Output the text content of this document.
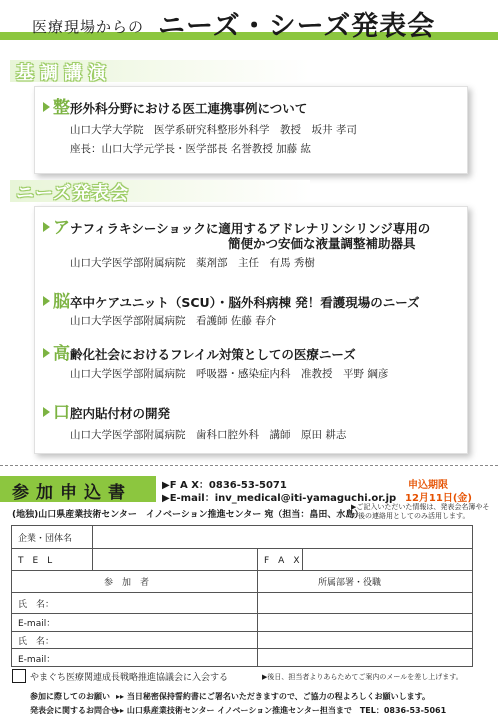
医療現場からの ニーズ・シーズ発表会
基調講演
整形外科分野における医工連携事例について
山口大学大学院　医学系研究科整形外科学　教授　坂井 孝司
座長：山口大学元学長・医学部長 名誉教授 加藤 紘
ニーズ発表会
アナフィラキシーショックに適用するアドレナリンシリンジ専用の
簡便かつ安価な液量調整補助器具
山口大学医学部附属病院　薬剤部　主任　有馬 秀樹
脳卒中ケアユニット（SCU）・脳外科病棟 発！看護現場のニーズ
山口大学医学部附属病院　看護師 佐藤 春介
高齢化社会におけるフレイル対策としての医療ニーズ
山口大学医学部附属病院　呼吸器・感染症内科　准教授　平野 綱彦
口腔内貼付材の開発
山口大学医学部附属病院　歯科口腔外科　講師　原田 耕志
参加申込書	▶F A X：0836-53-5071
▶E-mail：inv_medical@iti-yamaguchi.or.jp
申込期限
12月11日(金)
(地独)山口県産業技術センター　イノベーション推進センター 宛（担当：畠田、水島）
▶ご記入いただいた情報は、発表会名簿やその後の連絡用としてのみ活用します。
企業・団体名
T　E　L	F　A　X
参　加　者	所属部署・役職
氏　名：
E-mail：
氏　名：
E-mail：
やまぐち医療関連成長戦略推進協議会に入会する	▶後日、担当者よりあらためてご案内のメールを差し上げます。
参加に際してのお願い ▸▸ 当日秘密保持誓約書にご署名いただきますので、ご協力の程よろしくお願いします。
発表会に関するお問合せ
▸▸ 山口県産業技術センター イノベーション推進センター担当まで　TEL：0836-53-5061
